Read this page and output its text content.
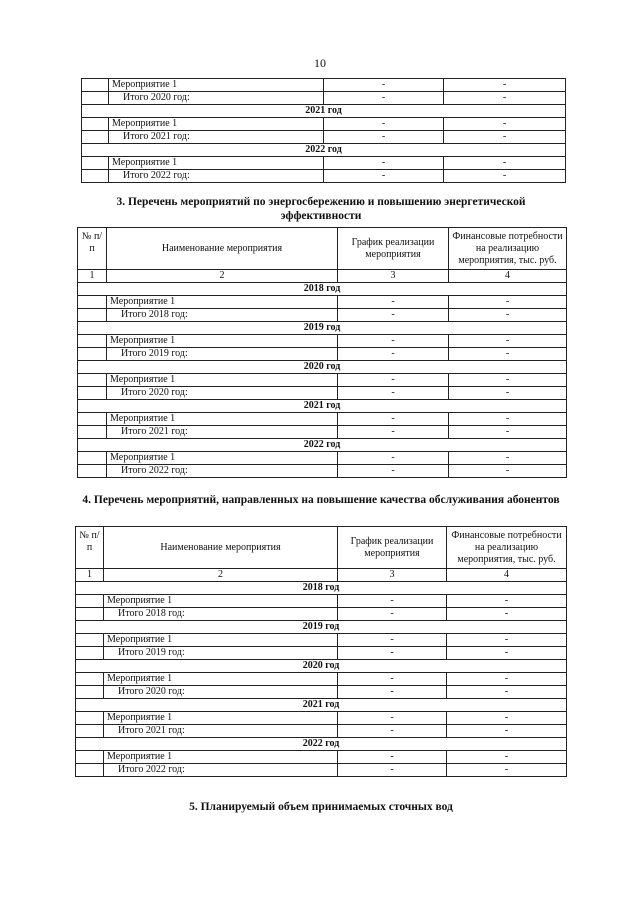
10
	Мероприятие 1	-	-
	Итого 2020 год:	-	-
2021 год			
	Мероприятие 1	-	-
	Итого 2021 год:	-	-
2022 год			
	Мероприятие 1	-	-
	Итого 2022 год:	-	-
3. Перечень мероприятий по энергосбережению и повышению энергетической эффективности
№ п/п	Наименование мероприятия	График реализации мероприятия	Финансовые потребности на реализацию мероприятия, тыс. руб.
1	2	3	4
2018 год			
	Мероприятие 1	-	-
	Итого 2018 год:	-	-
2019 год			
	Мероприятие 1	-	-
	Итого 2019 год:	-	-
2020 год			
	Мероприятие 1	-	-
	Итого 2020 год:	-	-
2021 год			
	Мероприятие 1	-	-
	Итого 2021 год:	-	-
2022 год			
	Мероприятие 1	-	-
	Итого 2022 год:	-	-
4. Перечень мероприятий, направленных на повышение качества обслуживания абонентов
№ п/п	Наименование мероприятия	График реализации мероприятия	Финансовые потребности на реализацию мероприятия, тыс. руб.
1	2	3	4
2018 год			
	Мероприятие 1	-	-
	Итого 2018 год:	-	-
2019 год			
	Мероприятие 1	-	-
	Итого 2019 год:	-	-
2020 год			
	Мероприятие 1	-	-
	Итого 2020 год:	-	-
2021 год			
	Мероприятие 1	-	-
	Итого 2021 год:	-	-
2022 год			
	Мероприятие 1	-	-
	Итого 2022 год:	-	-
5. Планируемый объем принимаемых сточных вод
